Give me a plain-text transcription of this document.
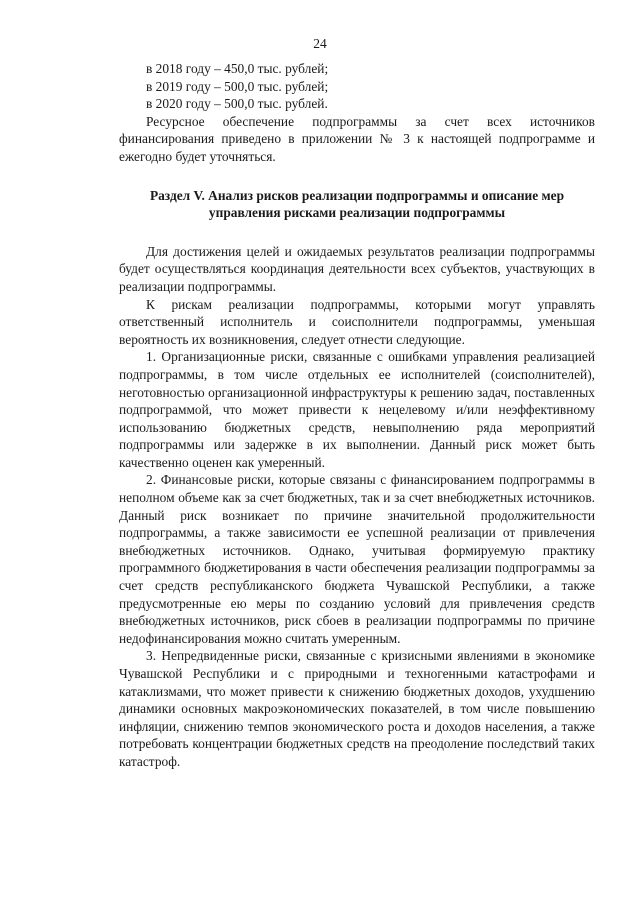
24

в 2018 году – 450,0 тыс. рублей;

в 2019 году – 500,0 тыс. рублей;

в 2020 году – 500,0 тыс. рублей.

Ресурсное обеспечение подпрограммы за счет всех источников финансирования приведено в приложении № 3 к настоящей подпрограмме и ежегодно будет уточняться.

Раздел V. Анализ рисков реализации подпрограммы и описание мер
управления рисками реализации подпрограммы

Для достижения целей и ожидаемых результатов реализации подпрограммы будет осуществляться координация деятельности всех субъектов, участвующих в реализации подпрограммы.

К рискам реализации подпрограммы, которыми могут управлять ответственный исполнитель и соисполнители подпрограммы, уменьшая вероятность их возникновения, следует отнести следующие.

1. Организационные риски, связанные с ошибками управления реализацией подпрограммы, в том числе отдельных ее исполнителей (соисполнителей), неготовностью организационной инфраструктуры к решению задач, поставленных подпрограммой, что может привести к нецелевому и/или неэффективному использованию бюджетных средств, невыполнению ряда мероприятий подпрограммы или задержке в их выполнении. Данный риск может быть качественно оценен как умеренный.

2. Финансовые риски, которые связаны с финансированием подпрограммы в неполном объеме как за счет бюджетных, так и за счет внебюджетных источников. Данный риск возникает по причине значительной продолжительности подпрограммы, а также зависимости ее успешной реализации от привлечения внебюджетных источников. Однако, учитывая формируемую практику программного бюджетирования в части обеспечения реализации подпрограммы за счет средств республиканского бюджета Чувашской Республики, а также предусмотренные ею меры по созданию условий для привлечения средств внебюджетных источников, риск сбоев в реализации подпрограммы по причине недофинансирования можно считать умеренным.

3. Непредвиденные риски, связанные с кризисными явлениями в экономике Чувашской Республики и с природными и техногенными катастрофами и катаклизмами, что может привести к снижению бюджетных доходов, ухудшению динамики основных макроэкономических показателей, в том числе повышению инфляции, снижению темпов экономического роста и доходов населения, а также потребовать концентрации бюджетных средств на преодоление последствий таких катастроф.
